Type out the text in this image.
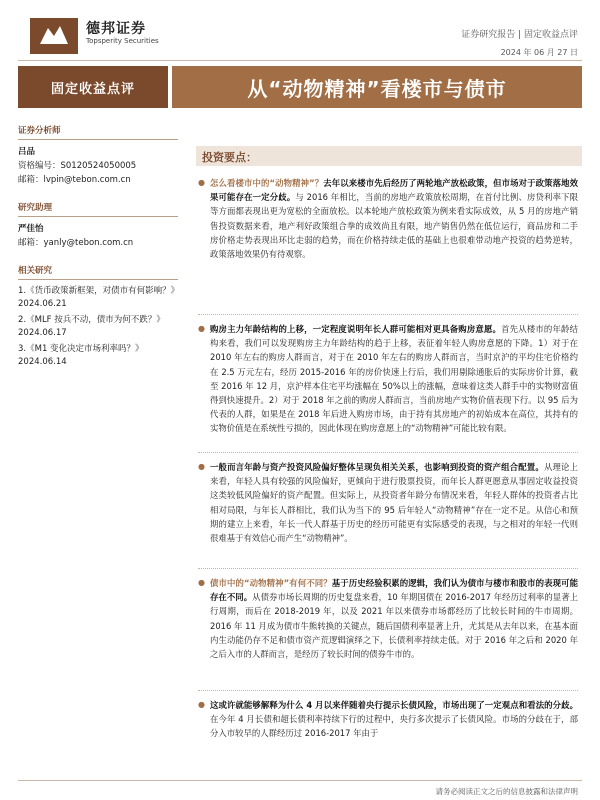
德邦证券
Topsperity Securities
证券研究报告 | 固定收益点评
2024 年 06 月 27 日
固定收益点评	从“动物精神”看楼市与债市
证券分析师
吕品
资格编号：S0120524050005
邮箱：lvpin@tebon.com.cn
研究助理
严佳怡
邮箱：yanly@tebon.com.cn
相关研究
1.《货币政策新框架，对债市有何影响？》
2024.06.21
2.《MLF 按兵不动，债市为何不跌？》
2024.06.17
3.《M1 变化决定市场利率吗？》
2024.06.14
投资要点：
● 怎么看楼市中的“动物精神”？去年以来楼市先后经历了两轮地产放松政策，但市场对于政策落地效果可能存在一定分歧。与 2016 年相比，当前的房地产政策放松周期，在首付比例、房贷利率下限等方面都表现出更为宽松的全面放松。以本轮地产放松政策为例来看实际成效，从 5 月的房地产销售投资数据来看，地产利好政策组合拳的成效尚且有限，地产销售仍然在低位运行，商品房和二手房价格走势表现出环比走弱的趋势，而在价格持续走低的基础上也很难带动地产投资的趋势逆转，政策落地效果仍有待观察。
● 购房主力年龄结构的上移，一定程度说明年长人群可能相对更具备购房意愿。首先从楼市的年龄结构来看，我们可以发现购房主力年龄结构的趋于上移，表征着年轻人购房意愿的下降。1）对于在 2010 年左右的购房人群而言，对于在 2010 年左右的购房人群而言，当时京沪的平均住宅价格约在 2.5 万元左右，经历 2015-2016 年的房价快速上行后，我们用剔除通胀后的实际房价计算，截至 2016 年 12 月，京沪样本住宅平均涨幅在 50%以上的涨幅，意味着这类人群手中的实物财富值得到快速提升。2）对于 2018 年之前的购房人群而言，当前房地产实物价值表现下行。以 95 后为代表的人群，如果是在 2018 年后进入购房市场，由于持有其房地产的初始成本在高位，其持有的实物价值是在系统性亏损的，因此体现在购房意愿上的“动物精神”可能比较有限。
● 一般而言年龄与资产投资风险偏好整体呈现负相关关系，也影响到投资的资产组合配置。从理论上来看，年轻人具有较强的风险偏好，更倾向于进行股票投资，而年长人群更愿意从事固定收益投资这类较低风险偏好的资产配置。但实际上，从投资者年龄分布情况来看，年轻人群体的投资者占比相对局限，与年长人群相比，我们认为当下的 95 后年轻人“动物精神”存在一定不足。从信心和预期的建立上来看，年长一代人群基于历史的经历可能更有实际感受的表现，与之相对的年轻一代则很难基于有效信心而产生“动物精神”。
● 债市中的“动物精神”有何不同？基于历史经验积累的逻辑，我们认为债市与楼市和股市的表现可能存在不同。从债券市场长周期的历史复盘来看，10 年期国债在 2016-2017 年经历过利率的显著上行周期，而后在 2018-2019 年，以及 2021 年以来债券市场都经历了比较长时间的牛市周期。2016 年 11 月成为债市牛熊转换的关键点，随后国债利率显著上升，尤其是从去年以来，在基本面内生动能仍存不足和债市资产荒逻辑演绎之下，长债利率持续走低。对于 2016 年之后和 2020 年之后入市的人群而言，是经历了较长时间的债券牛市的。
● 这或许就能够解释为什么 4 月以来伴随着央行提示长债风险，市场出现了一定观点和看法的分歧。在今年 4 月长债和超长债利率持续下行的过程中，央行多次提示了长债风险。市场的分歧在于，部分入市较早的人群经历过 2016-2017 年由于
请务必阅读正文之后的信息披露和法律声明
